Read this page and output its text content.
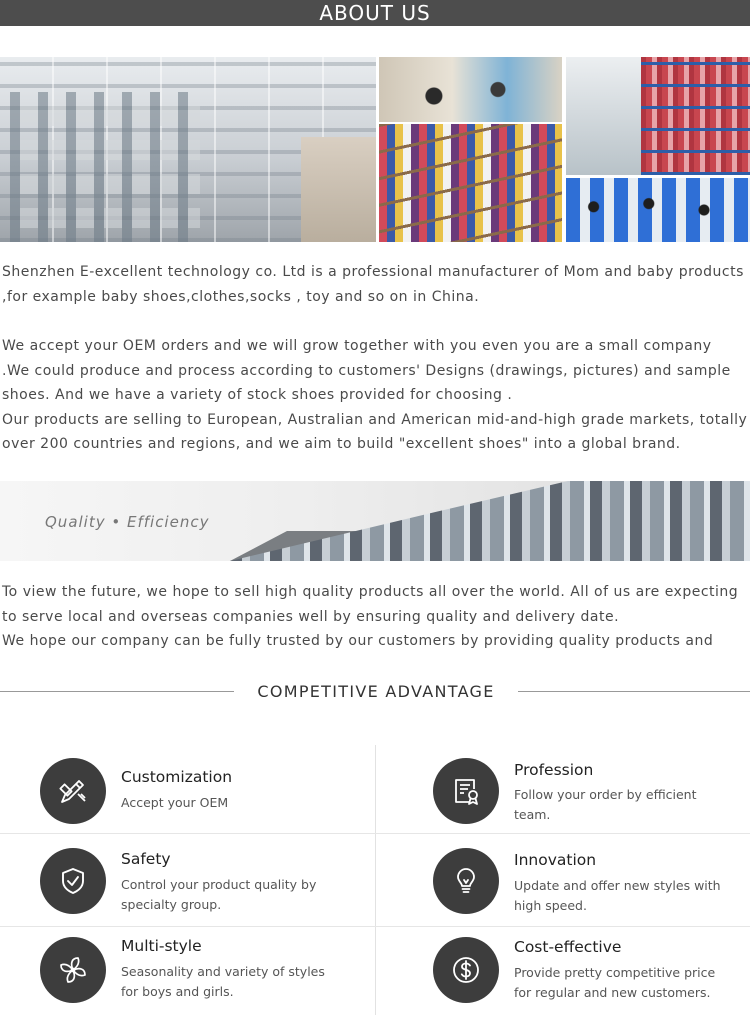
ABOUT US

Shenzhen E-excellent technology co. Ltd is a professional manufacturer of Mom and baby products
,for example baby shoes,clothes,socks , toy and so on in China.

We accept your OEM orders and we will grow together with you even you are a small company
.We could produce and process according to customers' Designs (drawings, pictures) and sample
shoes. And we have a variety of stock shoes provided for choosing .
Our products are selling to European, Australian and American mid-and-high grade markets, totally
over 200 countries and regions, and we aim to build "excellent shoes" into a global brand.

Quality • Efficiency

To view the future, we hope to sell high quality products all over the world. All of us are expecting
to serve local and overseas companies well by ensuring quality and delivery date.
We hope our company can be fully trusted by our customers by providing quality products and

COMPETITIVE ADVANTAGE
Customization
Accept your OEM
Profession
Follow your order by efficient team.
Safety
Control your product quality by specialty group.
Innovation
Update and offer new styles with high speed.
Multi-style
Seasonality and variety of styles for boys and girls.
Cost-effective
Provide pretty competitive price for regular and new customers.
